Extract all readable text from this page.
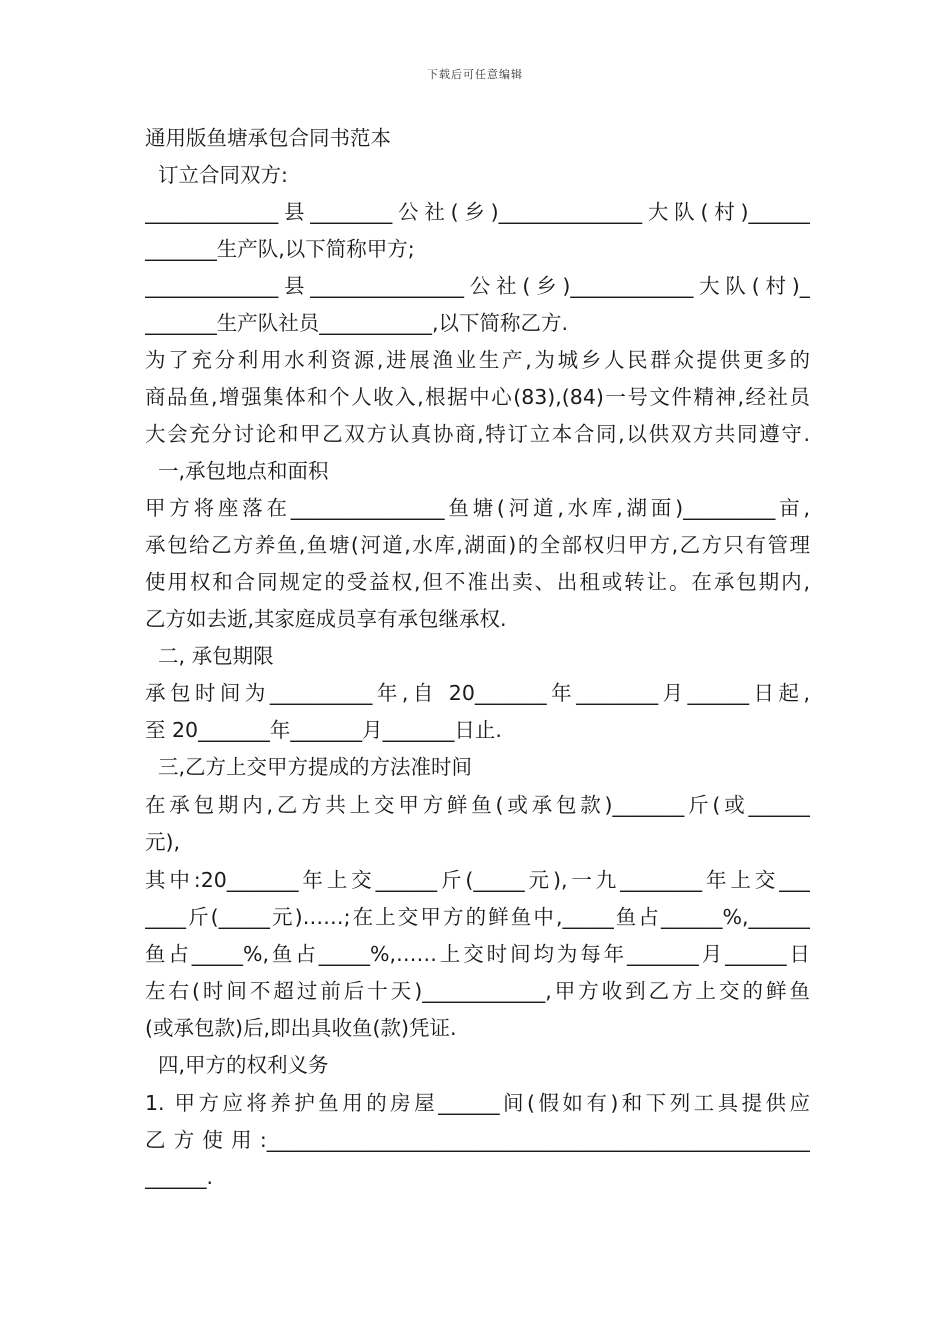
下载后可任意编辑
通用版鱼塘承包合同书范本
订立合同双方:
_____________县________公社(乡)______________大队(村)______
_______生产队,以下简称甲方;
_____________县_______________公社(乡)____________大队(村)_
_______生产队社员___________,以下简称乙方.
为了充分利用水利资源,进展渔业生产,为城乡人民群众提供更多的
商品鱼,增强集体和个人收入,根据中心(83),(84)一号文件精神,经社员
大会充分讨论和甲乙双方认真协商,特订立本合同,以供双方共同遵守.
一,承包地点和面积
甲方将座落在_______________鱼塘(河道,水库,湖面)_________亩,
承包给乙方养鱼,鱼塘(河道,水库,湖面)的全部权归甲方,乙方只有管理
使用权和合同规定的受益权,但不准出卖、出租或转让。在承包期内,
乙方如去逝,其家庭成员享有承包继承权.
二, 承包期限
承包时间为__________年,自 20_______年________月______日起,
至 20_______年_______月_______日止.
三,乙方上交甲方提成的方法准时间
在承包期内,乙方共上交甲方鲜鱼(或承包款)_______斤(或______
元),
其中:20_______年上交______斤(_____元),一九________年上交___
____斤(_____元)……;在上交甲方的鲜鱼中,_____鱼占______%,______
鱼占_____%,鱼占_____%,……上交时间均为每年_______月______日
左右(时间不超过前后十天)____________,甲方收到乙方上交的鲜鱼
(或承包款)后,即出具收鱼(款)凭证.
四,甲方的权利义务
1. 甲方应将养护鱼用的房屋______间(假如有)和下列工具提供应
乙方使用:_____________________________________________________
______.
